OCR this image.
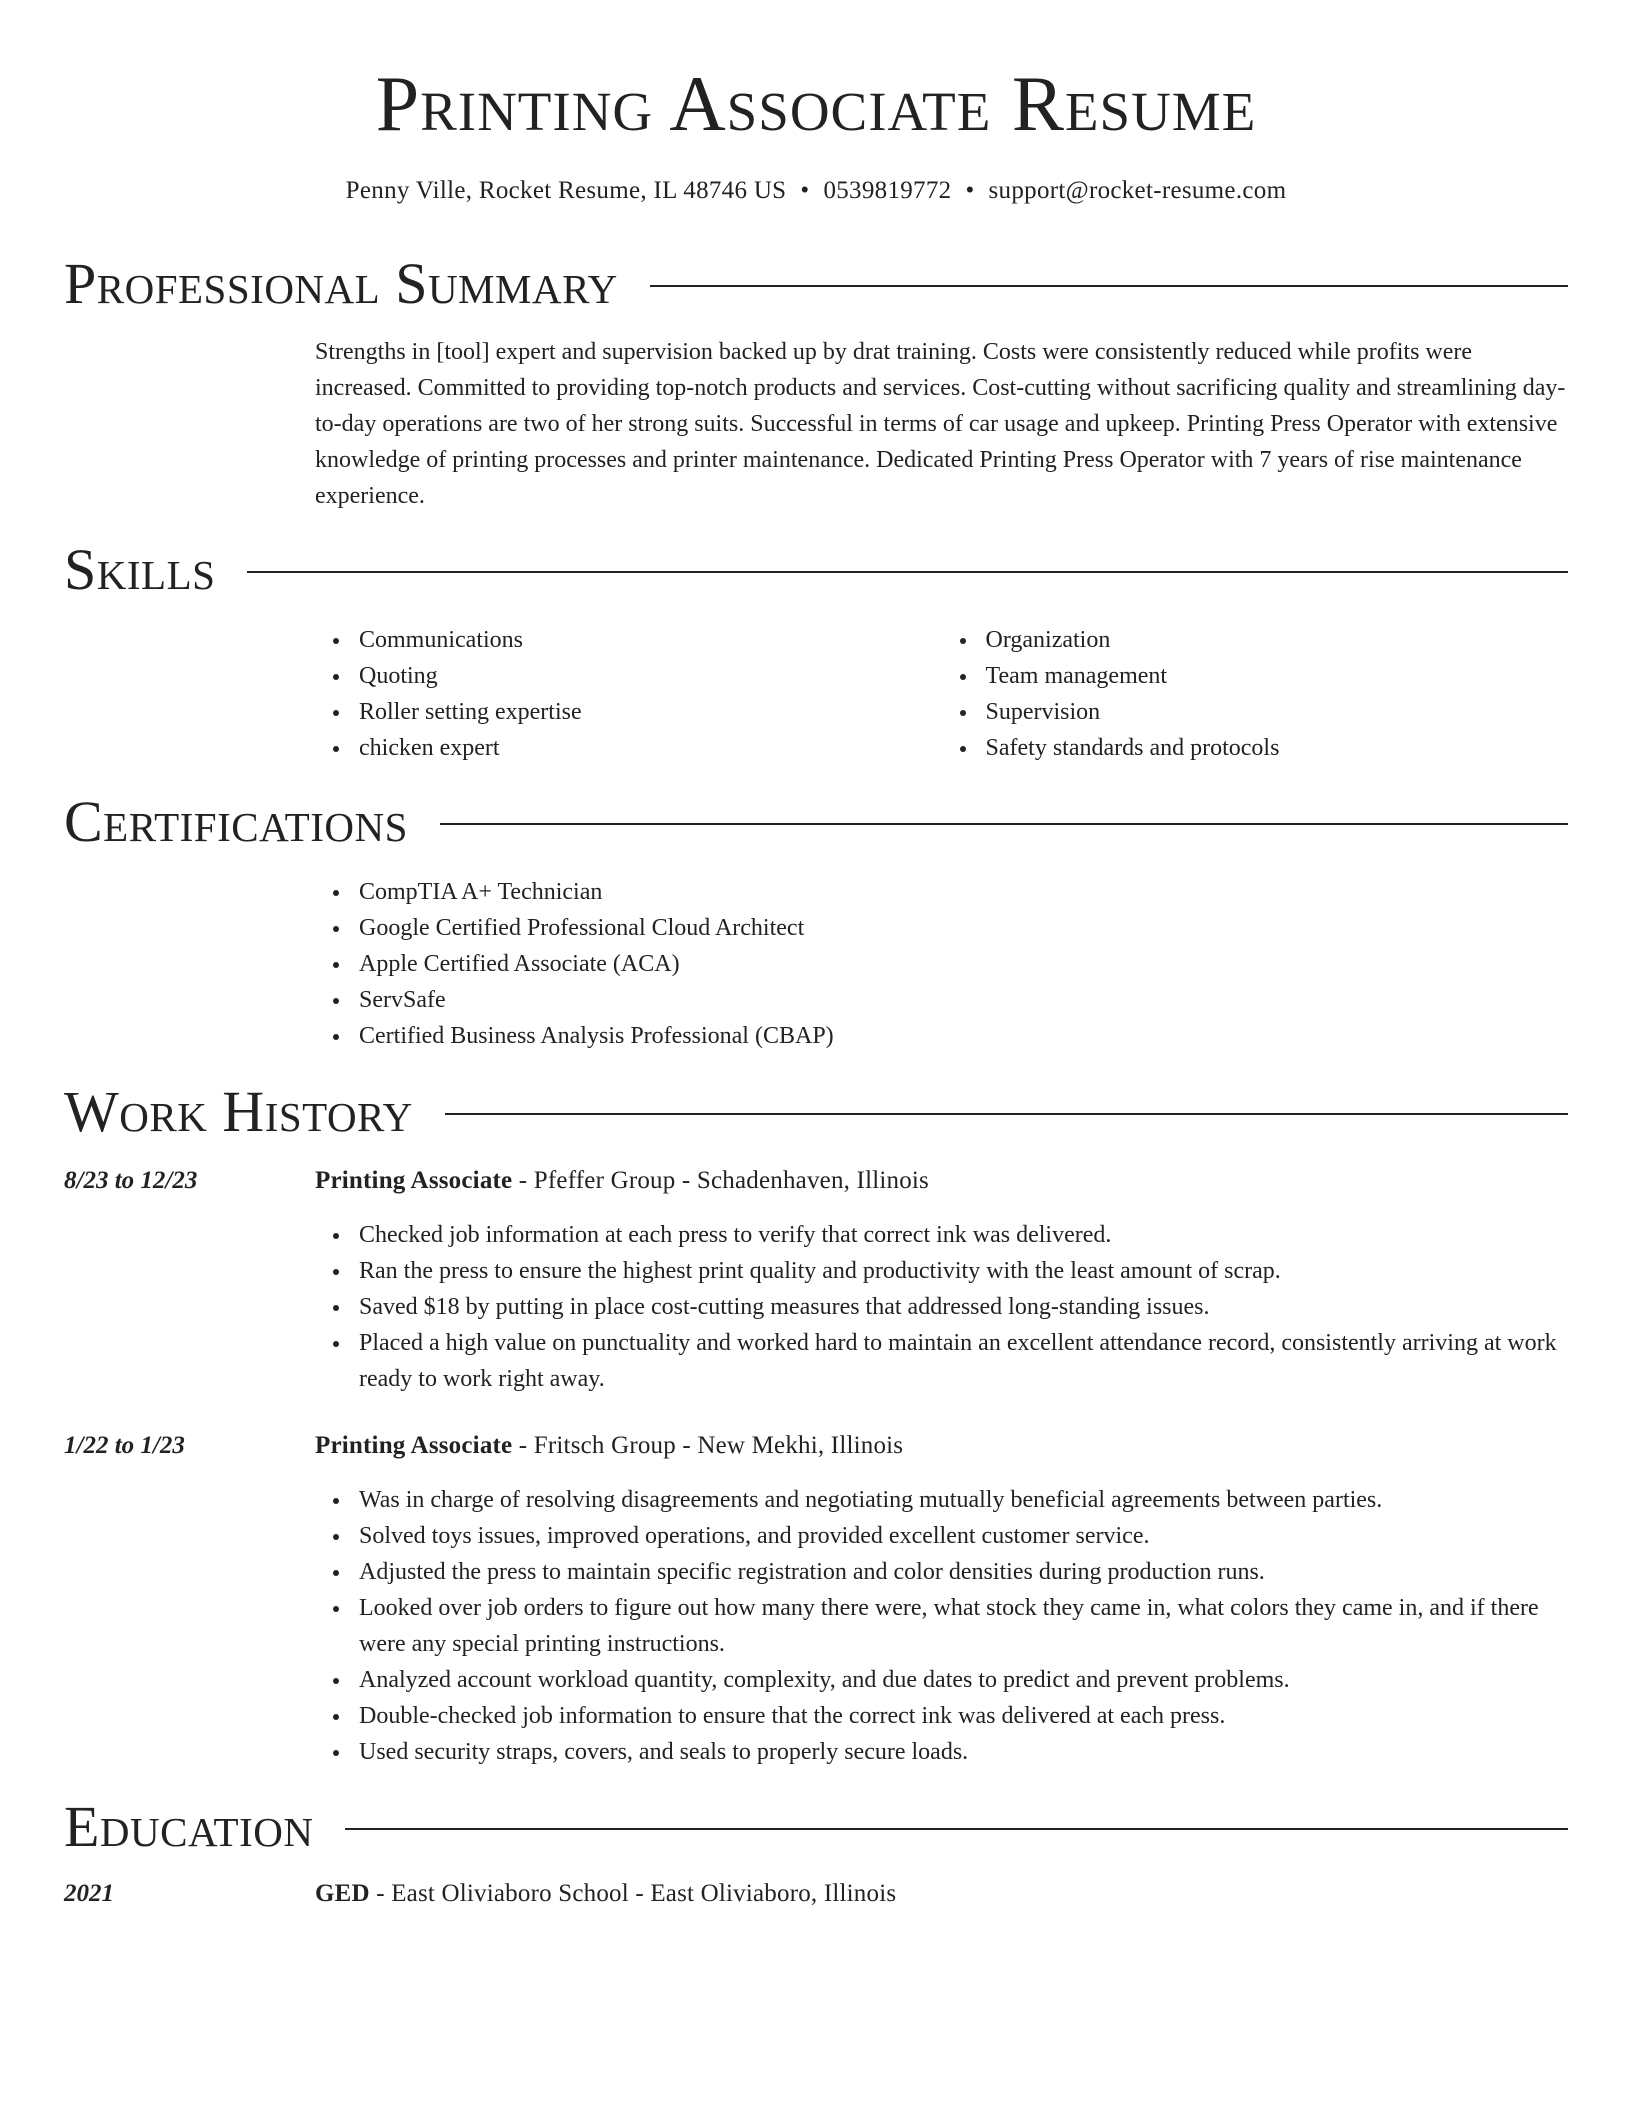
Printing Associate Resume
Penny Ville, Rocket Resume, IL 48746 US • 0539819772 • support@rocket-resume.com
Professional Summary

Strengths in [tool] expert and supervision backed up by drat training. Costs were consistently reduced while profits were increased. Committed to providing top-notch products and services. Cost-cutting without sacrificing quality and streamlining day-to-day operations are two of her strong suits. Successful in terms of car usage and upkeep. Printing Press Operator with extensive knowledge of printing processes and printer maintenance. Dedicated Printing Press Operator with 7 years of rise maintenance experience.

Skills
Communications
Quoting
Roller setting expertise
chicken expert
Organization
Team management
Supervision
Safety standards and protocols
Certifications
CompTIA A+ Technician
Google Certified Professional Cloud Architect
Apple Certified Associate (ACA)
ServSafe
Certified Business Analysis Professional (CBAP)
Work History
8/23 to 12/23	Printing Associate - Pfeffer Group - Schadenhaven, Illinois
Checked job information at each press to verify that correct ink was delivered.
Ran the press to ensure the highest print quality and productivity with the least amount of scrap.
Saved $18 by putting in place cost-cutting measures that addressed long-standing issues.
Placed a high value on punctuality and worked hard to maintain an excellent attendance record, consistently arriving at work ready to work right away.
1/22 to 1/23	Printing Associate - Fritsch Group - New Mekhi, Illinois
Was in charge of resolving disagreements and negotiating mutually beneficial agreements between parties.
Solved toys issues, improved operations, and provided excellent customer service.
Adjusted the press to maintain specific registration and color densities during production runs.
Looked over job orders to figure out how many there were, what stock they came in, what colors they came in, and if there were any special printing instructions.
Analyzed account workload quantity, complexity, and due dates to predict and prevent problems.
Double-checked job information to ensure that the correct ink was delivered at each press.
Used security straps, covers, and seals to properly secure loads.
Education
2021	GED - East Oliviaboro School - East Oliviaboro, Illinois
